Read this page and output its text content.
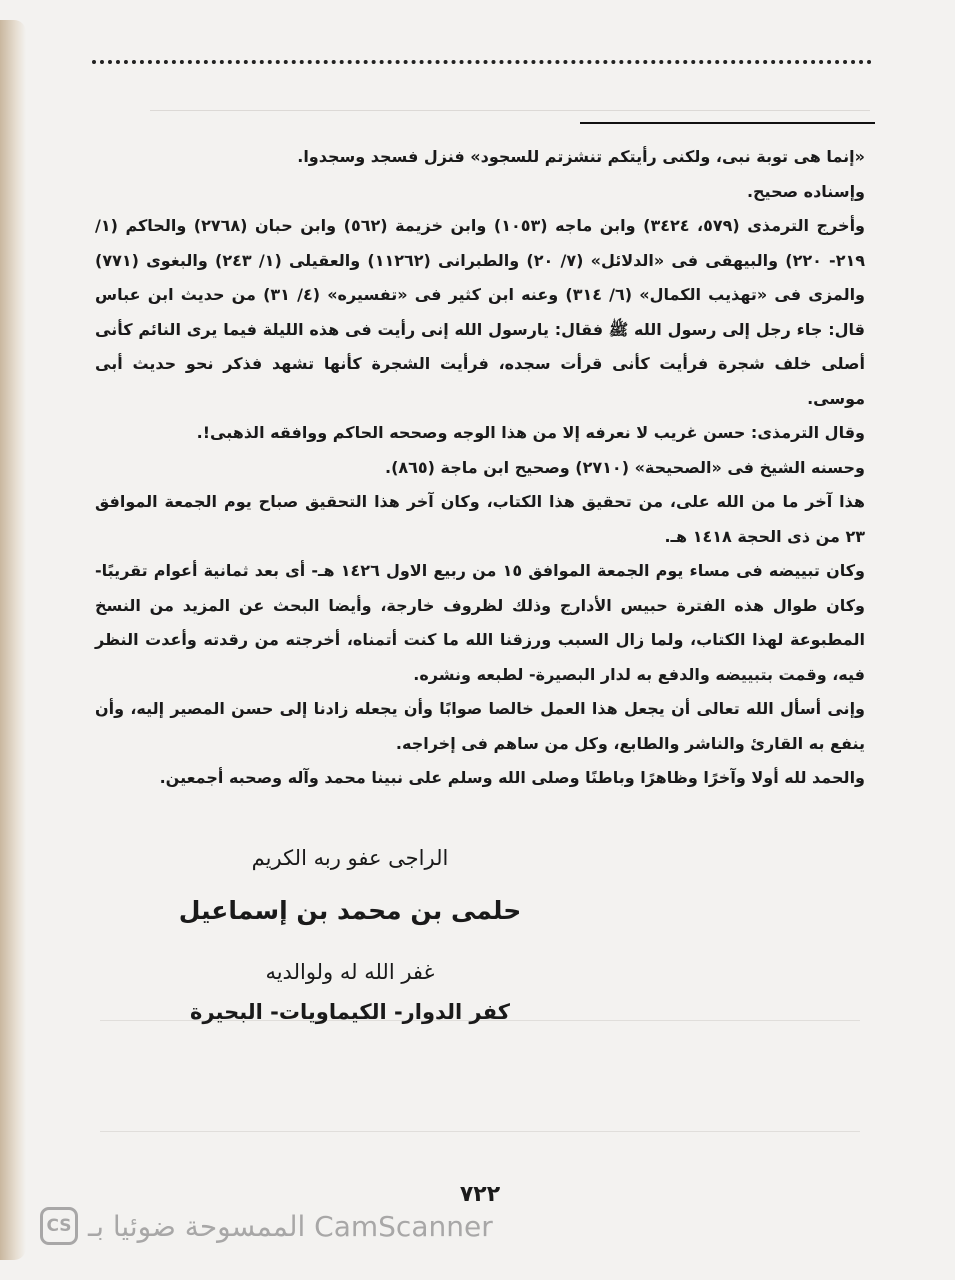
«إنما هى توبة نبى، ولكنى رأيتكم تنشزتم للسجود» فنزل فسجد وسجدوا.

وإسناده صحيح.

وأخرج الترمذى (٥٧٩، ٣٤٢٤) وابن ماجه (١٠٥٣) وابن خزيمة (٥٦٢) وابن حبان (٢٧٦٨) والحاكم (١/ ٢١٩- ٢٢٠) والبيهقى فى «الدلائل» (٧/ ٢٠) والطبرانى (١١٢٦٢) والعقيلى (١/ ٢٤٣) والبغوى (٧٧١) والمزى فى «تهذيب الكمال» (٦/ ٣١٤) وعنه ابن كثير فى «تفسيره» (٤/ ٣١) من حديث ابن عباس قال: جاء رجل إلى رسول الله ﷺ فقال: يارسول الله إنى رأيت فى هذه الليلة فيما يرى النائم كأنى أصلى خلف شجرة فرأيت كأنى قرأت سجده، فرأيت الشجرة كأنها تشهد فذكر نحو حديث أبى موسى.

وقال الترمذى: حسن غريب لا نعرفه إلا من هذا الوجه وصححه الحاكم ووافقه الذهبى!.

وحسنه الشيخ فى «الصحيحة» (٢٧١٠) وصحيح ابن ماجة (٨٦٥).

هذا آخر ما من الله على، من تحقيق هذا الكتاب، وكان آخر هذا التحقيق صباح يوم الجمعة الموافق ٢٣ من ذى الحجة ١٤١٨ هـ.

وكان تبييضه فى مساء يوم الجمعة الموافق ١٥ من ربيع الاول ١٤٢٦ هـ- أى بعد ثمانية أعوام تقريبًا- وكان طوال هذه الفترة حبيس الأدارج وذلك لظروف خارجة، وأيضا البحث عن المزيد من النسخ المطبوعة لهذا الكتاب، ولما زال السبب ورزقنا الله ما كنت أتمناه، أخرجته من رقدته وأعدت النظر فيه، وقمت بتبييضه والدفع به لدار البصيرة- لطبعه ونشره.

وإنى أسأل الله تعالى أن يجعل هذا العمل خالصا صوابًا وأن يجعله زادنا إلى حسن المصير إليه، وأن ينفع به القارئ والناشر والطابع، وكل من ساهم فى إخراجه.

والحمد لله أولا وآخرًا وظاهرًا وباطنًا وصلى الله وسلم على نبينا محمد وآله وصحبه أجمعين.

الراجى عفو ربه الكريم
حلمى بن محمد بن إسماعيل
غفر الله له ولوالديه
كفر الدوار- الكيماويات- البحيرة
٧٢٢
CS الممسوحة ضوئيا بـ CamScanner
